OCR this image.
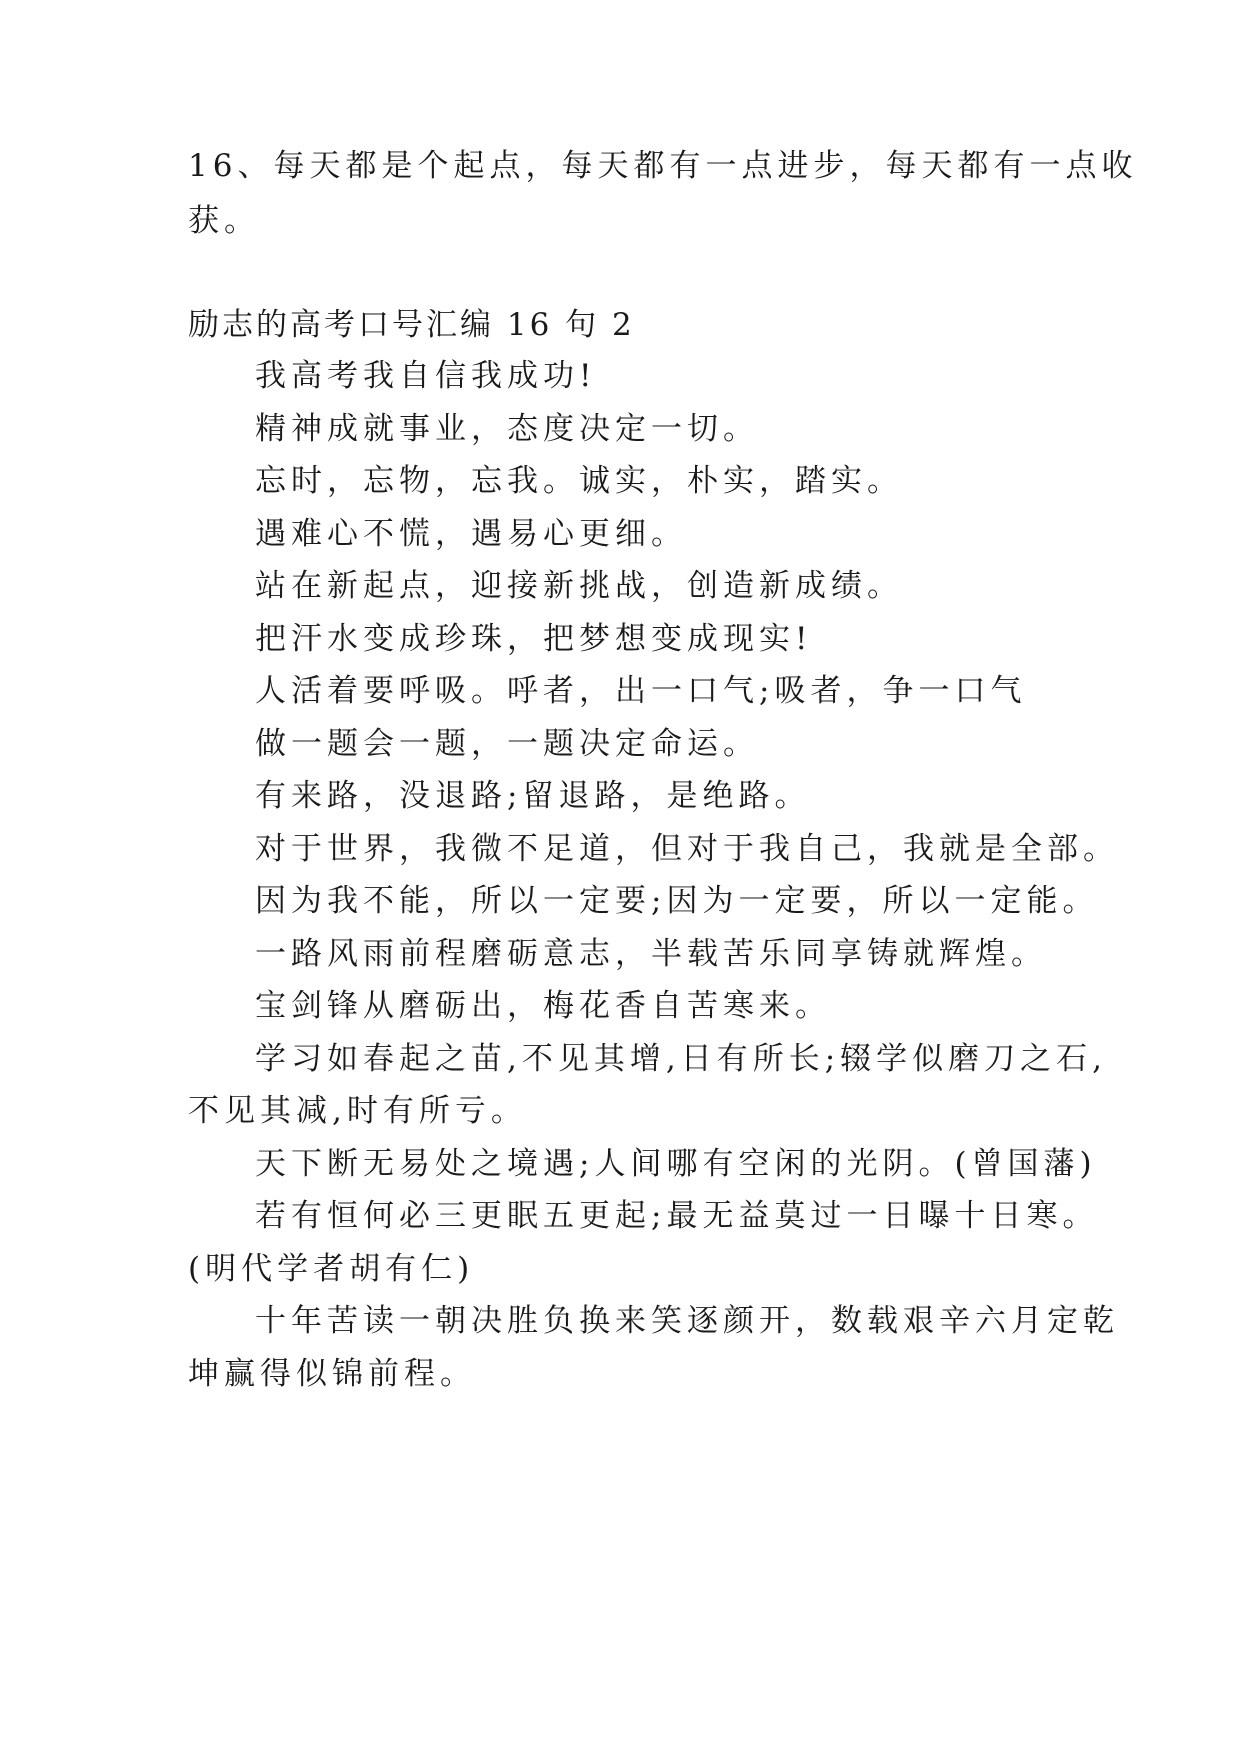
16、每天都是个起点，每天都有一点进步，每天都有一点收
获。
励志的高考口号汇编 16 句 2
我高考我自信我成功!
精神成就事业，态度决定一切。
忘时，忘物，忘我。诚实，朴实，踏实。
遇难心不慌，遇易心更细。
站在新起点，迎接新挑战，创造新成绩。
把汗水变成珍珠，把梦想变成现实!
人活着要呼吸。呼者，出一口气;吸者，争一口气
做一题会一题，一题决定命运。
有来路，没退路;留退路，是绝路。
对于世界，我微不足道，但对于我自己，我就是全部。
因为我不能，所以一定要;因为一定要，所以一定能。
一路风雨前程磨砺意志，半载苦乐同享铸就辉煌。
宝剑锋从磨砺出，梅花香自苦寒来。
学习如春起之苗,不见其增,日有所长;辍学似磨刀之石,
不见其减,时有所亏。
天下断无易处之境遇;人间哪有空闲的光阴。(曾国藩)
若有恒何必三更眠五更起;最无益莫过一日曝十日寒。
(明代学者胡有仁)
十年苦读一朝决胜负换来笑逐颜开，数载艰辛六月定乾
坤赢得似锦前程。
